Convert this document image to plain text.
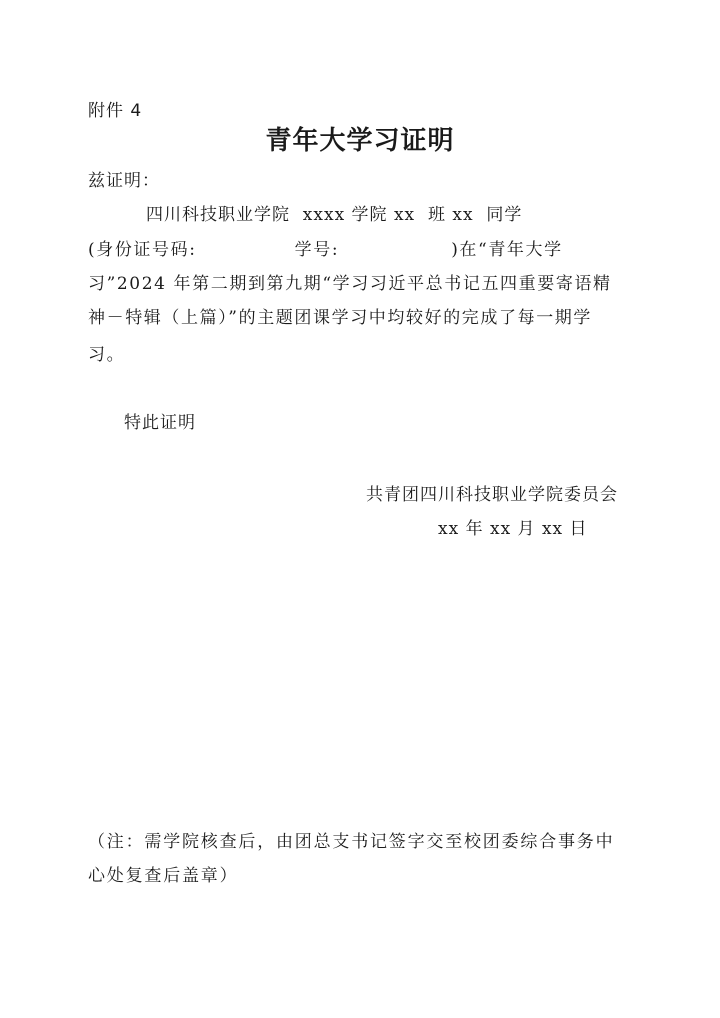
附件 4
青年大学习证明
兹证明：
四川科技职业学院  xxxx 学院 xx  班 xx  同学
(身份证号码:              学号:                )在“青年大学
习”2024 年第二期到第九期“学习习近平总书记五四重要寄语精
神－特辑（上篇）”的主题团课学习中均较好的完成了每一期学
习。
特此证明
共青团四川科技职业学院委员会
xx 年 xx 月 xx 日
（注：需学院核查后，由团总支书记签字交至校团委综合事务中
心处复查后盖章）
